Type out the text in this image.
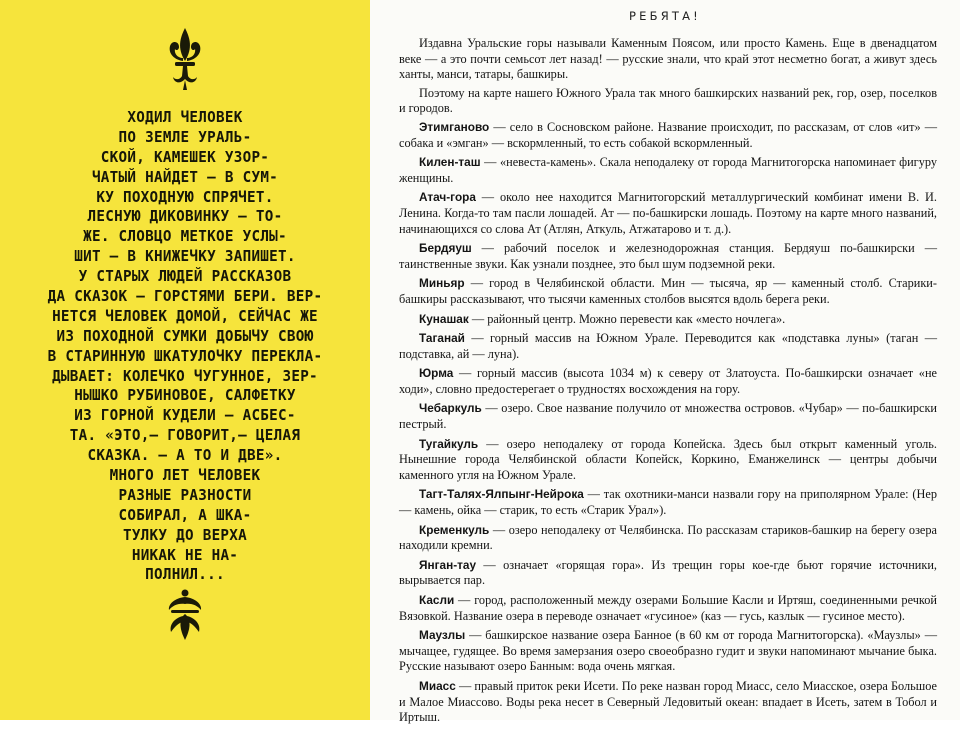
ХОДИЛ ЧЕЛОВЕК
ПО ЗЕМЛЕ УРАЛЬ-
СКОЙ, КАМЕШЕК УЗОР-
ЧАТЫЙ НАЙДЕТ — В СУМ-
КУ ПОХОДНУЮ СПРЯЧЕТ.
ЛЕСНУЮ ДИКОВИНКУ — ТО-
ЖЕ. СЛОВЦО МЕТКОЕ УСЛЫ-
ШИТ — В КНИЖЕЧКУ ЗАПИШЕТ.
У СТАРЫХ ЛЮДЕЙ РАССКАЗОВ
ДА СКАЗОК — ГОРСТЯМИ БЕРИ. ВЕР-
НЕТСЯ ЧЕЛОВЕК ДОМОЙ, СЕЙЧАС ЖЕ
ИЗ ПОХОДНОЙ СУМКИ ДОБЫЧУ СВОЮ
В СТАРИННУЮ ШКАТУЛОЧКУ ПЕРЕКЛА-
ДЫВАЕТ: КОЛЕЧКО ЧУГУННОЕ, ЗЕР-
НЫШКО РУБИНОВОЕ, САЛФЕТКУ
ИЗ ГОРНОЙ КУДЕЛИ — АСБЕС-
ТА. «ЭТО,— ГОВОРИТ,— ЦЕЛАЯ
СКАЗКА. — А ТО И ДВЕ».
МНОГО ЛЕТ ЧЕЛОВЕК
РАЗНЫЕ РАЗНОСТИ
СОБИРАЛ, А ШКА-
ТУЛКУ ДО ВЕРХА
НИКАК НЕ НА-
ПОЛНИЛ...
РЕБЯТА!

Издавна Уральские горы называли Каменным Поясом, или просто Камень. Еще в двенадцатом веке — а это почти семьсот лет назад! — русские знали, что край этот несметно богат, а живут здесь ханты, манси, татары, башкиры.

Поэтому на карте нашего Южного Урала так много башкирских названий рек, гор, озер, поселков и городов.

Этимганово — село в Сосновском районе. Название происходит, по рассказам, от слов «ит» — собака и «эмган» — вскормленный, то есть собакой вскормленный.

Килен-таш — «невеста-камень». Скала неподалеку от города Магнитогорска напоминает фигуру женщины.

Атач-гора — около нее находится Магнитогорский металлургический комбинат имени В. И. Ленина. Когда-то там пасли лошадей. Ат — по-башкирски лошадь. Поэтому на карте много названий, начинающихся со слова Ат (Атлян, Аткуль, Атжатарово и т. д.).

Бердяуш — рабочий поселок и железнодорожная станция. Бердяуш по-башкирски — таинственные звуки. Как узнали позднее, это был шум подземной реки.

Миньяр — город в Челябинской области. Мин — тысяча, яр — каменный столб. Старики-башкиры рассказывают, что тысячи каменных столбов высятся вдоль берега реки.

Кунашак — районный центр. Можно перевести как «место ночлега».

Таганай — горный массив на Южном Урале. Переводится как «подставка луны» (таган — подставка, ай — луна).

Юрма — горный массив (высота 1034 м) к северу от Златоуста. По-башкирски означает «не ходи», словно предостерегает о трудностях восхождения на гору.

Чебаркуль — озеро. Свое название получило от множества островов. «Чубар» — по-башкирски пестрый.

Тугайкуль — озеро неподалеку от города Копейска. Здесь был открыт каменный уголь. Нынешние города Челябинской области Копейск, Коркино, Еманжелинск — центры добычи каменного угля на Южном Урале.

Тагт-Талях-Ялпынг-Нейрока — так охотники-манси назвали гору на приполярном Урале: (Нер — камень, ойка — старик, то есть «Старик Урал»).

Кременкуль — озеро неподалеку от Челябинска. По рассказам стариков-башкир на берегу озера находили кремни.

Янган-тау — означает «горящая гора». Из трещин горы кое-где бьют горячие источники, вырывается пар.

Касли — город, расположенный между озерами Большие Касли и Иртяш, соединенными речкой Вязовкой. Название озера в переводе означает «гусиное» (каз — гусь, казлык — гусиное место).

Маузлы — башкирское название озера Банное (в 60 км от города Магнитогорска). «Маузлы» — мычащее, гудящее. Во время замерзания озеро своеобразно гудит и звуки напоминают мычание быка. Русские называют озеро Банным: вода очень мягкая.

Миасс — правый приток реки Исети. По реке назван город Миасс, село Миасское, озера Большое и Малое Миассово. Воды река несет в Северный Ледовитый океан: впадает в Исеть, затем в Тобол и Иртыш.
